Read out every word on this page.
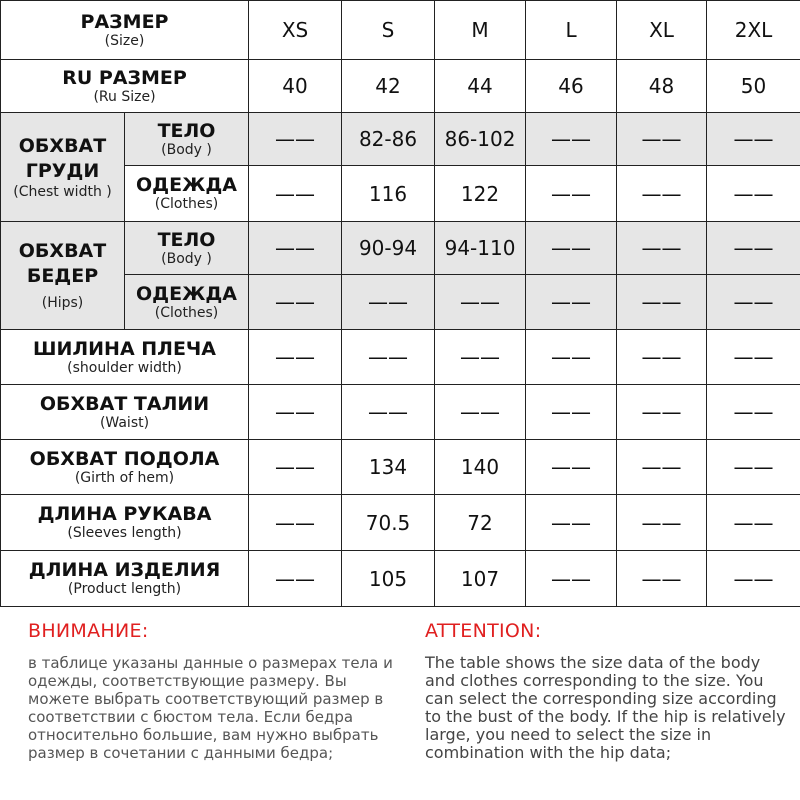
РАЗМЕР
(Size)		XS	S	M	L	XL	2XL

RU РАЗМЕР
(Ru Size)		40	42	44	46	48	50

ОБХВАТ
ГРУДИ
(Chest width )	ТЕЛО
(Body )	——	82-86	86-102	——	——	——

	ОДЕЖДА
(Clothes)	——	116	122	——	——	——

ОБХВАТ
БЕДЕР
(Hips)	ТЕЛО
(Body )	——	90-94	94-110	——	——	——

	ОДЕЖДА
(Clothes)	——	——	——	——	——	——

ШИЛИНА ПЛЕЧА
(shoulder width)		——	——	——	——	——	——

ОБХВАТ ТАЛИИ
(Waist)		——	——	——	——	——	——

ОБХВАТ ПОДОЛА
(Girth of hem)		——	134	140	——	——	——

ДЛИНА РУКАВА
(Sleeves length)		——	70.5	72	——	——	——

ДЛИНА ИЗДЕЛИЯ
(Product length)		——	105	107	——	——	——
ВНИМАНИЕ:

в таблице указаны данные о размерах тела и одежды, соответствующие размеру. Вы можете выбрать соответствующий размер в соответствии с бюстом тела. Если бедра относительно большие, вам нужно выбрать размер в сочетании с данными бедра;

ATTENTION:

The table shows the size data of the body and clothes corresponding to the size. You can select the corresponding size according to the bust of the body. If the hip is relatively large, you need to select the size in combination with the hip data;
